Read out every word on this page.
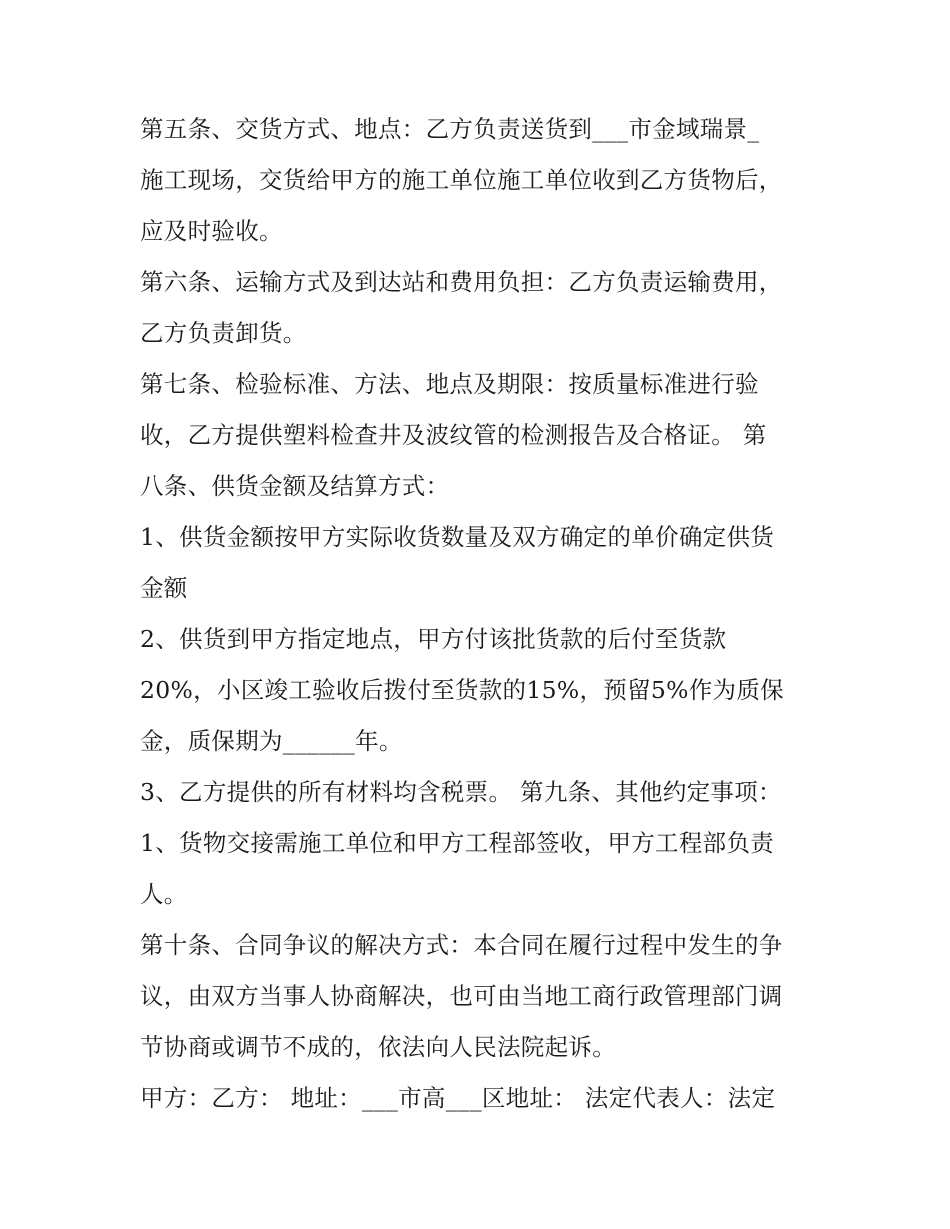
第五条、交货方式、地点：乙方负责送货到___市金域瑞景_
施工现场，交货给甲方的施工单位施工单位收到乙方货物后，
应及时验收。
第六条、运输方式及到达站和费用负担：乙方负责运输费用，
乙方负责卸货。
第七条、检验标准、方法、地点及期限：按质量标准进行验
收，乙方提供塑料检查井及波纹管的检测报告及合格证。 第
八条、供货金额及结算方式：
1、供货金额按甲方实际收货数量及双方确定的单价确定供货
金额
2、供货到甲方指定地点，甲方付该批货款的后付至货款
20%，小区竣工验收后拨付至货款的15%，预留5%作为质保
金，质保期为______年。
3、乙方提供的所有材料均含税票。 第九条、其他约定事项：
1、货物交接需施工单位和甲方工程部签收，甲方工程部负责
人。
第十条、合同争议的解决方式：本合同在履行过程中发生的争
议，由双方当事人协商解决，也可由当地工商行政管理部门调
节协商或调节不成的，依法向人民法院起诉。
甲方：乙方： 地址：___市高___区地址： 法定代表人：法定
